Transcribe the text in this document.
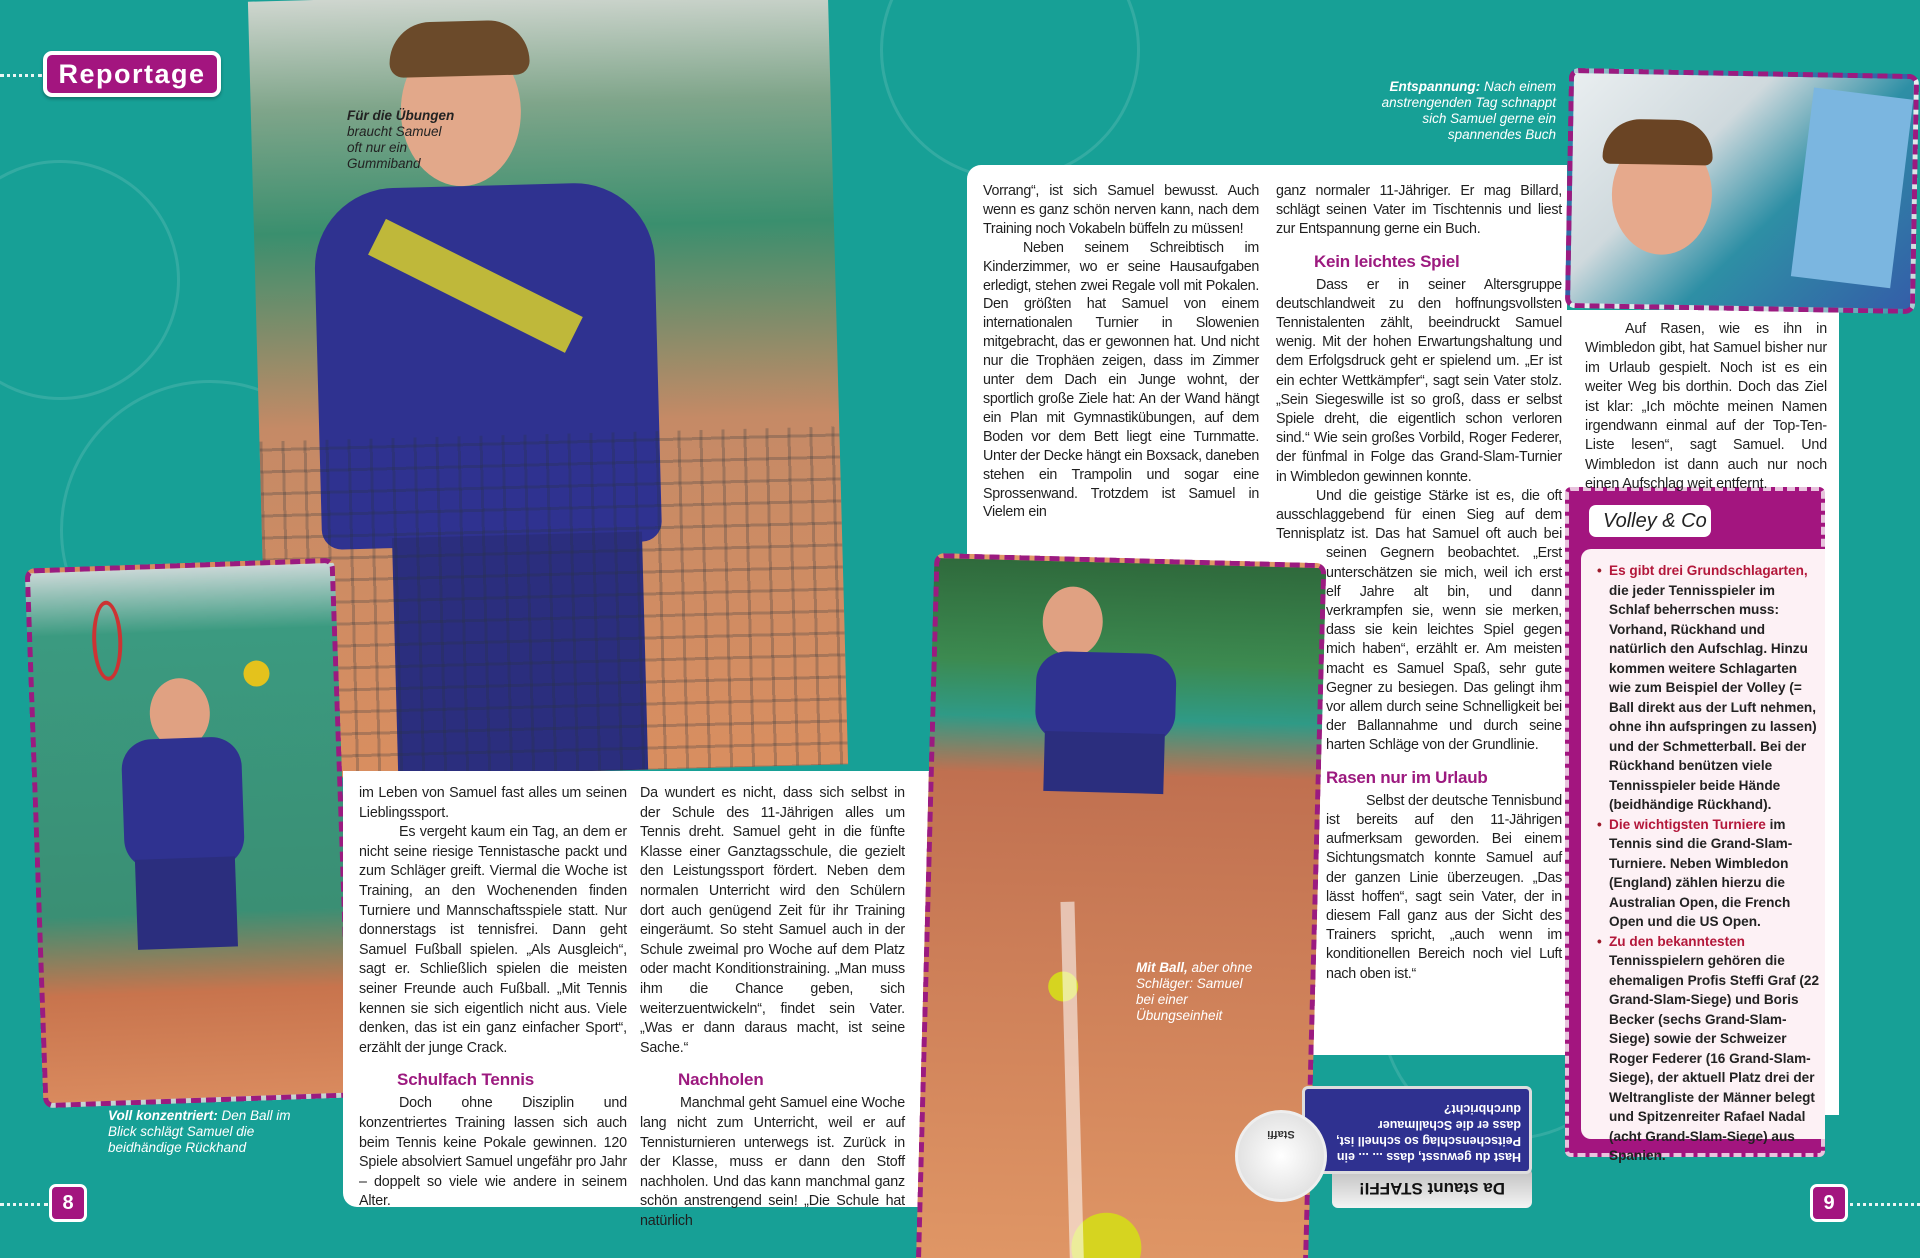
Reportage
Für die Übungen braucht Samuel oft nur ein Gummiband
Voll konzentriert: Den Ball im Blick schlägt Samuel die beidhändige Rückhand

im Leben von Samuel fast alles um seinen Lieblingssport.

Es vergeht kaum ein Tag, an dem er nicht seine riesige Tennistasche packt und zum Schläger greift. Viermal die Woche ist Training, an den Wochenenden finden Turniere und Mannschaftsspiele statt. Nur donnerstags ist tennisfrei. Dann geht Samuel Fußball spielen. „Als Ausgleich“, sagt er. Schließlich spielen die meisten seiner Freunde auch Fußball. „Mit Tennis kennen sie sich eigentlich nicht aus. Viele denken, das ist ein ganz einfacher Sport“, erzählt der junge Crack.

Schulfach Tennis

Doch ohne Disziplin und konzentriertes Training lassen sich auch beim Tennis keine Pokale gewinnen. 120 Spiele absolviert Samuel ungefähr pro Jahr – doppelt so viele wie andere in seinem Alter.

Da wundert es nicht, dass sich selbst in der Schule des 11-Jährigen alles um Tennis dreht. Samuel geht in die fünfte Klasse einer Ganztagsschule, die gezielt den Leistungssport fördert. Neben dem normalen Unterricht wird den Schülern dort auch genügend Zeit für ihr Training eingeräumt. So steht Samuel auch in der Schule zweimal pro Woche auf dem Platz oder macht Konditionstraining. „Man muss ihm die Chance geben, sich weiterzuentwickeln“, findet sein Vater. „Was er dann daraus macht, ist seine Sache.“

Nachholen

Manchmal geht Samuel eine Woche lang nicht zum Unterricht, weil er auf Tennisturnieren unterwegs ist. Zurück in der Klasse, muss er dann den Stoff nachholen. Und das kann manchmal ganz schön anstrengend sein! „Die Schule hat natürlich

Mit Ball, aber ohne Schläger: Samuel bei einer Übungseinheit

Vorrang“, ist sich Samuel bewusst. Auch wenn es ganz schön nerven kann, nach dem Training noch Vokabeln büffeln zu müssen!

Neben seinem Schreibtisch im Kinderzimmer, wo er seine Hausaufgaben erledigt, stehen zwei Regale voll mit Pokalen. Den größten hat Samuel von einem internationalen Turnier in Slowenien mitgebracht, das er gewonnen hat. Und nicht nur die Trophäen zeigen, dass im Zimmer unter dem Dach ein Junge wohnt, der sportlich große Ziele hat: An der Wand hängt ein Plan mit Gymnastikübungen, auf dem Boden vor dem Bett liegt eine Turnmatte. Unter der Decke hängt ein Boxsack, daneben stehen ein Trampolin und sogar eine Sprossenwand. Trotzdem ist Samuel in Vielem ein

ganz normaler 11-Jähriger. Er mag Billard, schlägt seinen Vater im Tischtennis und liest zur Entspannung gerne ein Buch.

Kein leichtes Spiel

Dass er in seiner Altersgruppe deutschlandweit zu den hoffnungsvollsten Tennistalenten zählt, beeindruckt Samuel wenig. Mit der hohen Erwartungshaltung und dem Erfolgsdruck geht er spielend um. „Er ist ein echter Wettkämpfer“, sagt sein Vater stolz. „Sein Siegeswille ist so groß, dass er selbst Spiele dreht, die eigentlich schon verloren sind.“ Wie sein großes Vorbild, Roger Federer, der fünfmal in Folge das Grand-Slam-Turnier in Wimbledon gewinnen konnte.

Und die geistige Stärke ist es, die oft ausschlaggebend für einen Sieg auf dem Tennisplatz ist. Das hat Samuel oft auch bei seinen Gegnern beobachtet. „Erst unterschätzen sie mich, weil ich erst elf Jahre alt bin, und dann verkrampfen sie, wenn sie merken, dass sie kein leichtes Spiel gegen mich haben“, erzählt er. Am meisten macht es Samuel Spaß, sehr gute Gegner zu besiegen. Das gelingt ihm vor allem durch seine Schnelligkeit bei der Ballannahme und durch seine harten Schläge von der Grundlinie.

Rasen nur im Urlaub

Selbst der deutsche Tennisbund ist bereits auf den 11-Jährigen aufmerksam geworden. Bei einem Sichtungsmatch konnte Samuel auf der ganzen Linie überzeugen. „Das lässt hoffen“, sagt sein Vater, der in diesem Fall ganz aus der Sicht des Trainers spricht, „auch wenn im konditionellen Bereich noch viel Luft nach oben ist.“

Auf Rasen, wie es ihn in Wimbledon gibt, hat Samuel bisher nur im Urlaub gespielt. Noch ist es ein weiter Weg bis dorthin. Doch das Ziel ist klar: „Ich möchte meinen Namen irgendwann einmal auf der Top-Ten-Liste lesen“, sagt Samuel. Und Wimbledon ist dann auch nur noch einen Aufschlag weit entfernt.

Entspannung: Nach einem anstrengenden Tag schnappt sich Samuel gerne ein spannendes Buch
Volley & Co
• Es gibt drei Grundschlagarten, die jeder Tennisspieler im Schlaf beherrschen muss: Vorhand, Rückhand und natürlich den Aufschlag. Hinzu kommen weitere Schlagarten wie zum Beispiel der Volley (= Ball direkt aus der Luft nehmen, ohne ihn aufspringen zu lassen) und der Schmetterball. Bei der Rückhand benützen viele Tennisspieler beide Hände (beidhändige Rückhand).
• Die wichtigsten Turniere im Tennis sind die Grand-Slam-Turniere. Neben Wimbledon (England) zählen hierzu die Australian Open, die French Open und die US Open.
• Zu den bekanntesten Tennisspielern gehören die ehemaligen Profis Steffi Graf (22 Grand-Slam-Siege) und Boris Becker (sechs Grand-Slam-Siege) sowie der Schweizer Roger Federer (16 Grand-Slam-Siege), der aktuell Platz drei der Weltrangliste der Männer belegt und Spitzenreiter Rafael Nadal (acht Grand-Slam-Siege) aus Spanien.
Da staunt STAFFI!
Hast du gewusst, dass ... ... ein Peitschenschlag so schnell ist, dass er die Schallmauer durchbricht?
Staffi
8	9
